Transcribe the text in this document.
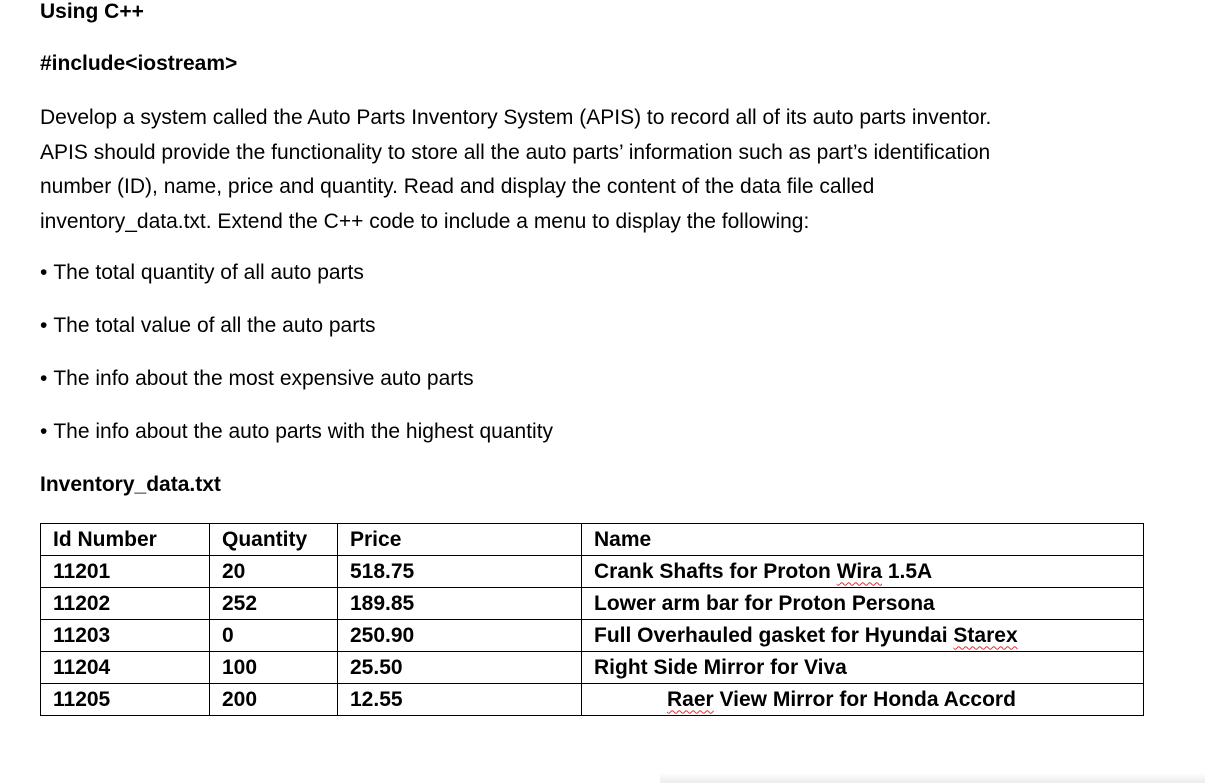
Using C++
#include<iostream>
Develop a system called the Auto Parts Inventory System (APIS) to record all of its auto parts inventor.
APIS should provide the functionality to store all the auto parts’ information such as part’s identification
number (ID), name, price and quantity. Read and display the content of the data file called
inventory_data.txt. Extend the C++ code to include a menu to display the following:
• The total quantity of all auto parts
• The total value of all the auto parts
• The info about the most expensive auto parts
• The info about the auto parts with the highest quantity
Inventory_data.txt
Id Number	Quantity	Price	Name
11201	20	518.75	Crank Shafts for Proton Wira 1.5A
11202	252	189.85	Lower arm bar for Proton Persona
11203	0	250.90	Full Overhauled gasket for Hyundai Starex
11204	100	25.50	Right Side Mirror for Viva
11205	200	12.55	Raer View Mirror for Honda Accord
